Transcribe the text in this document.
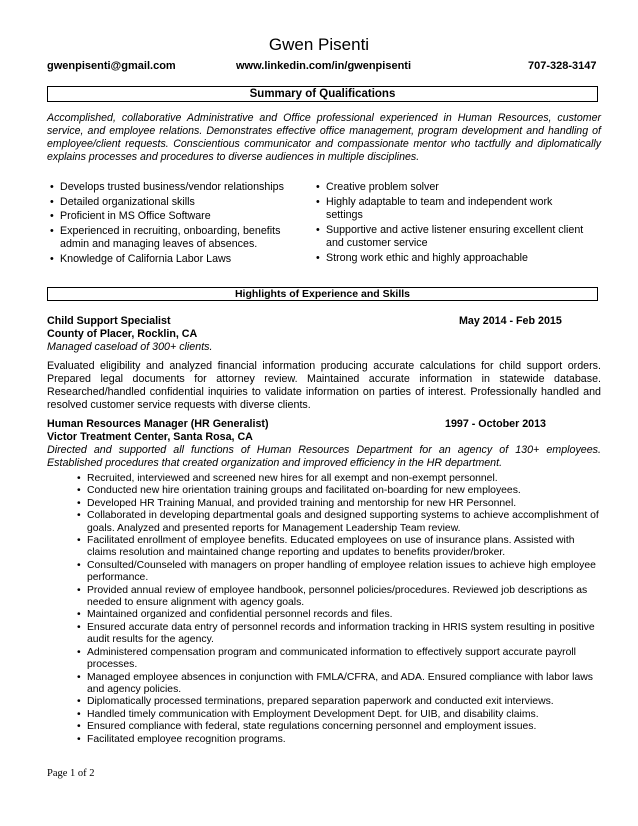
Gwen Pisenti
gwenpisenti@gmail.com	www.linkedin.com/in/gwenpisenti	707-328-3147
Summary of Qualifications
Accomplished, collaborative Administrative and Office professional experienced in Human Resources, customer service, and employee relations. Demonstrates effective office management, program development and handling of employee/client requests. Conscientious communicator and compassionate mentor who tactfully and diplomatically explains processes and procedures to diverse audiences in multiple disciplines.
• Develops trusted business/vendor relationships
• Detailed organizational skills
• Proficient in MS Office Software
• Experienced in recruiting, onboarding, benefits admin and managing leaves of absences.
• Knowledge of California Labor Laws
• Creative problem solver
• Highly adaptable to team and independent work settings
• Supportive and active listener ensuring excellent client and customer service
• Strong work ethic and highly approachable
Highlights of Experience and Skills
Child Support Specialist	May 2014 - Feb 2015
County of Placer, Rocklin, CA
Managed caseload of 300+ clients.
Evaluated eligibility and analyzed financial information producing accurate calculations for child support orders. Prepared legal documents for attorney review. Maintained accurate information in statewide database. Researched/handled confidential inquiries to validate information on parties of interest. Professionally handled and resolved customer service requests with diverse clients.
Human Resources Manager (HR Generalist)	1997 - October 2013
Victor Treatment Center, Santa Rosa, CA
Directed and supported all functions of Human Resources Department for an agency of 130+ employees. Established procedures that created organization and improved efficiency in the HR department.
• Recruited, interviewed and screened new hires for all exempt and non-exempt personnel.
• Conducted new hire orientation training groups and facilitated on-boarding for new employees.
• Developed HR Training Manual, and provided training and mentorship for new HR Personnel.
• Collaborated in developing departmental goals and designed supporting systems to achieve accomplishment of goals. Analyzed and presented reports for Management Leadership Team review.
• Facilitated enrollment of employee benefits. Educated employees on use of insurance plans. Assisted with claims resolution and maintained change reporting and updates to benefits provider/broker.
• Consulted/Counseled with managers on proper handling of employee relation issues to achieve high employee performance.
• Provided annual review of employee handbook, personnel policies/procedures. Reviewed job descriptions as needed to ensure alignment with agency goals.
• Maintained organized and confidential personnel records and files.
• Ensured accurate data entry of personnel records and information tracking in HRIS system resulting in positive audit results for the agency.
• Administered compensation program and communicated information to effectively support accurate payroll processes.
• Managed employee absences in conjunction with FMLA/CFRA, and ADA. Ensured compliance with labor laws and agency policies.
• Diplomatically processed terminations, prepared separation paperwork and conducted exit interviews.
• Handled timely communication with Employment Development Dept. for UIB, and disability claims.
• Ensured compliance with federal, state regulations concerning personnel and employment issues.
• Facilitated employee recognition programs.
Page 1 of 2
